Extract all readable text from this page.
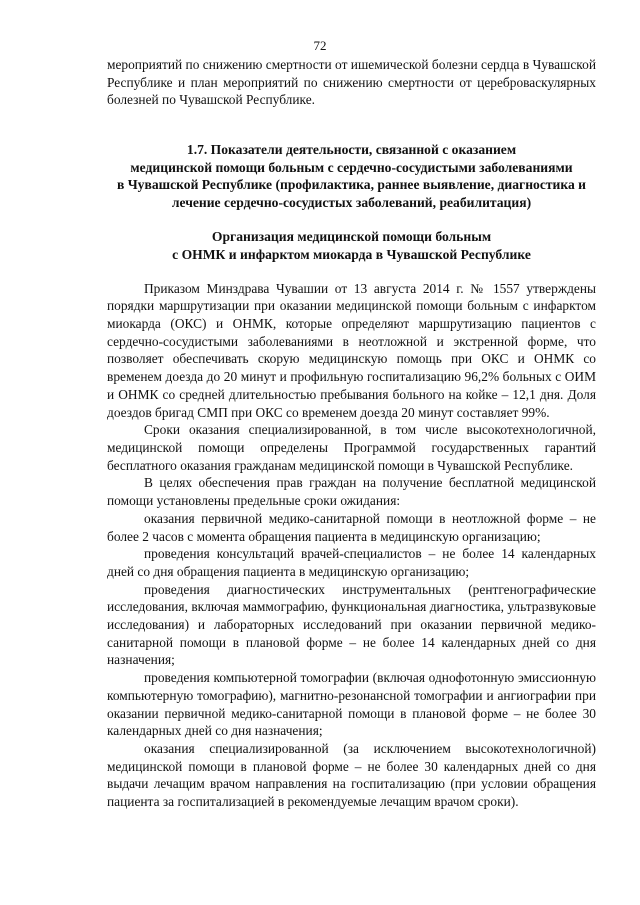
72

мероприятий по снижению смертности от ишемической болезни сердца в Чувашской Республике и план мероприятий по снижению смертности от цереброваскулярных болезней по Чувашской Республике.

1.7. Показатели деятельности, связанной с оказанием
медицинской помощи больным с сердечно-сосудистыми заболеваниями
в Чувашской Республике (профилактика, раннее выявление, диагностика и
лечение сердечно-сосудистых заболеваний, реабилитация)
Организация медицинской помощи больным
с ОНМК и инфарктом миокарда в Чувашской Республике

Приказом Минздрава Чувашии от 13 августа 2014 г. № 1557 утверждены порядки маршрутизации при оказании медицинской помощи больным с инфарктом миокарда (ОКС) и ОНМК, которые определяют маршрутизацию пациентов с сердечно-сосудистыми заболеваниями в неотложной и экстренной форме, что позволяет обеспечивать скорую медицинскую помощь при ОКС и ОНМК со временем доезда до 20 минут и профильную госпитализацию 96,2% больных с ОИМ и ОНМК со средней длительностью пребывания больного на койке – 12,1 дня. Доля доездов бригад СМП при ОКС со временем доезда 20 минут составляет 99%.

Сроки оказания специализированной, в том числе высокотехнологичной, медицинской помощи определены Программой государственных гарантий бесплатного оказания гражданам медицинской помощи в Чувашской Республике.

В целях обеспечения прав граждан на получение бесплатной медицинской помощи установлены предельные сроки ожидания:

оказания первичной медико-санитарной помощи в неотложной форме – не более 2 часов с момента обращения пациента в медицинскую организацию;

проведения консультаций врачей-специалистов – не более 14 календарных дней со дня обращения пациента в медицинскую организацию;

проведения диагностических инструментальных (рентгенографические исследования, включая маммографию, функциональная диагностика, ультразвуковые исследования) и лабораторных исследований при оказании первичной медико-санитарной помощи в плановой форме – не более 14 календарных дней со дня назначения;

проведения компьютерной томографии (включая однофотонную эмиссионную компьютерную томографию), магнитно-резонансной томографии и ангиографии при оказании первичной медико-санитарной помощи в плановой форме – не более 30 календарных дней со дня назначения;

оказания специализированной (за исключением высокотехнологичной) медицинской помощи в плановой форме – не более 30 календарных дней со дня выдачи лечащим врачом направления на госпитализацию (при условии обращения пациента за госпитализацией в рекомендуемые лечащим врачом сроки).
